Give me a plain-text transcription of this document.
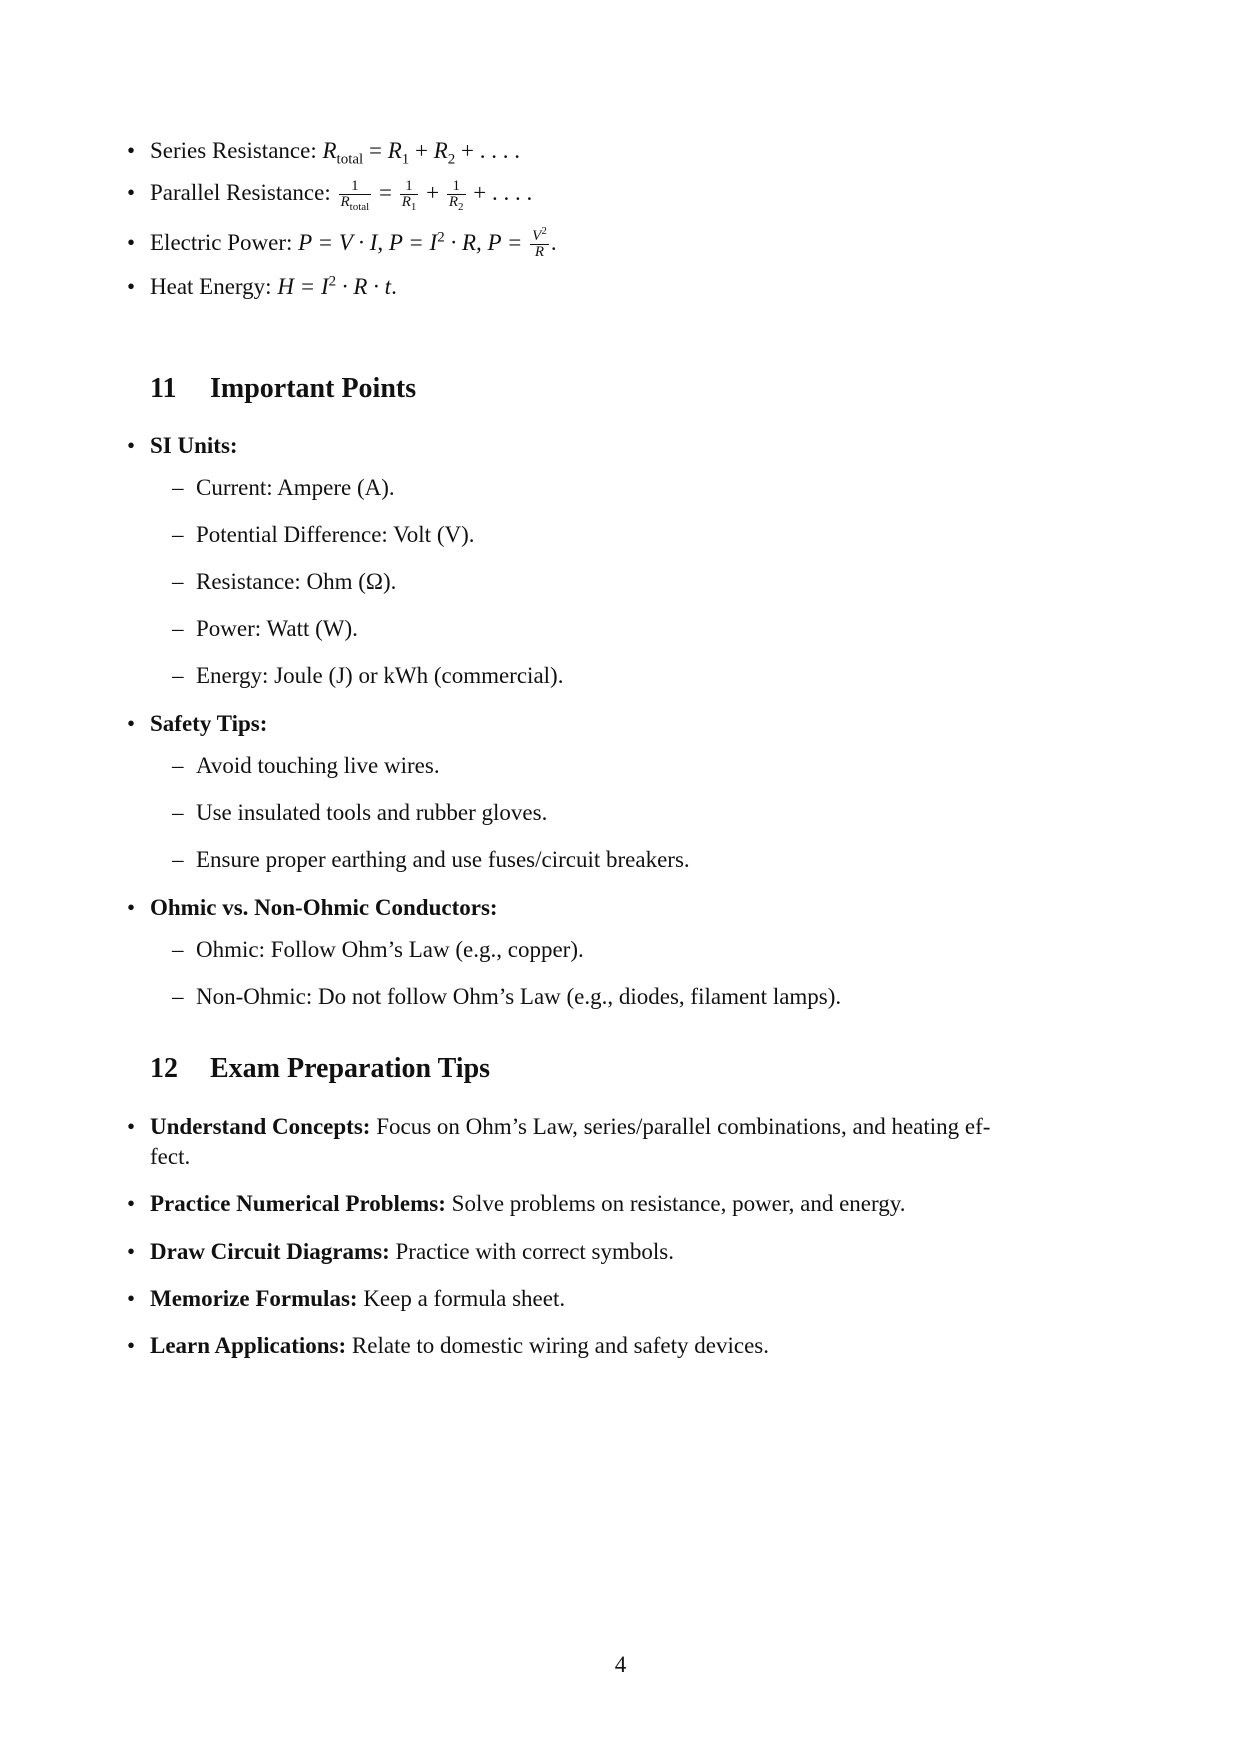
• Series Resistance: $R_{total} = R_1 + R_2$ + . . . .
• Parallel Resistance: $\frac{1}{R_{total}} = \frac{1}{R_1} + \frac{1}{R_2}$ + . . . .
• Electric Power: P = V · I, $P = I^2 \cdot R$, $P = \frac{V^2}{R}$ .
• Heat Energy: $H = I^2 \cdot R \cdot t$.
11 Important Points
• SI Units:
– Current: Ampere (A).
– Potential Difference: Volt (V).
– Resistance: Ohm (Ω).
– Power: Watt (W).
– Energy: Joule (J) or kWh (commercial).
• Safety Tips:
– Avoid touching live wires.
– Use insulated tools and rubber gloves.
– Ensure proper earthing and use fuses/circuit breakers.
• Ohmic vs. Non-Ohmic Conductors:
– Ohmic: Follow Ohm’s Law (e.g., copper).
– Non-Ohmic: Do not follow Ohm’s Law (e.g., diodes, filament lamps).
12 Exam Preparation Tips
• Understand Concepts: Focus on Ohm’s Law, series/parallel combinations, and heating ef-
fect.
• Practice Numerical Problems: Solve problems on resistance, power, and energy.
• Draw Circuit Diagrams: Practice with correct symbols.
• Memorize Formulas: Keep a formula sheet.
• Learn Applications: Relate to domestic wiring and safety devices.
4
